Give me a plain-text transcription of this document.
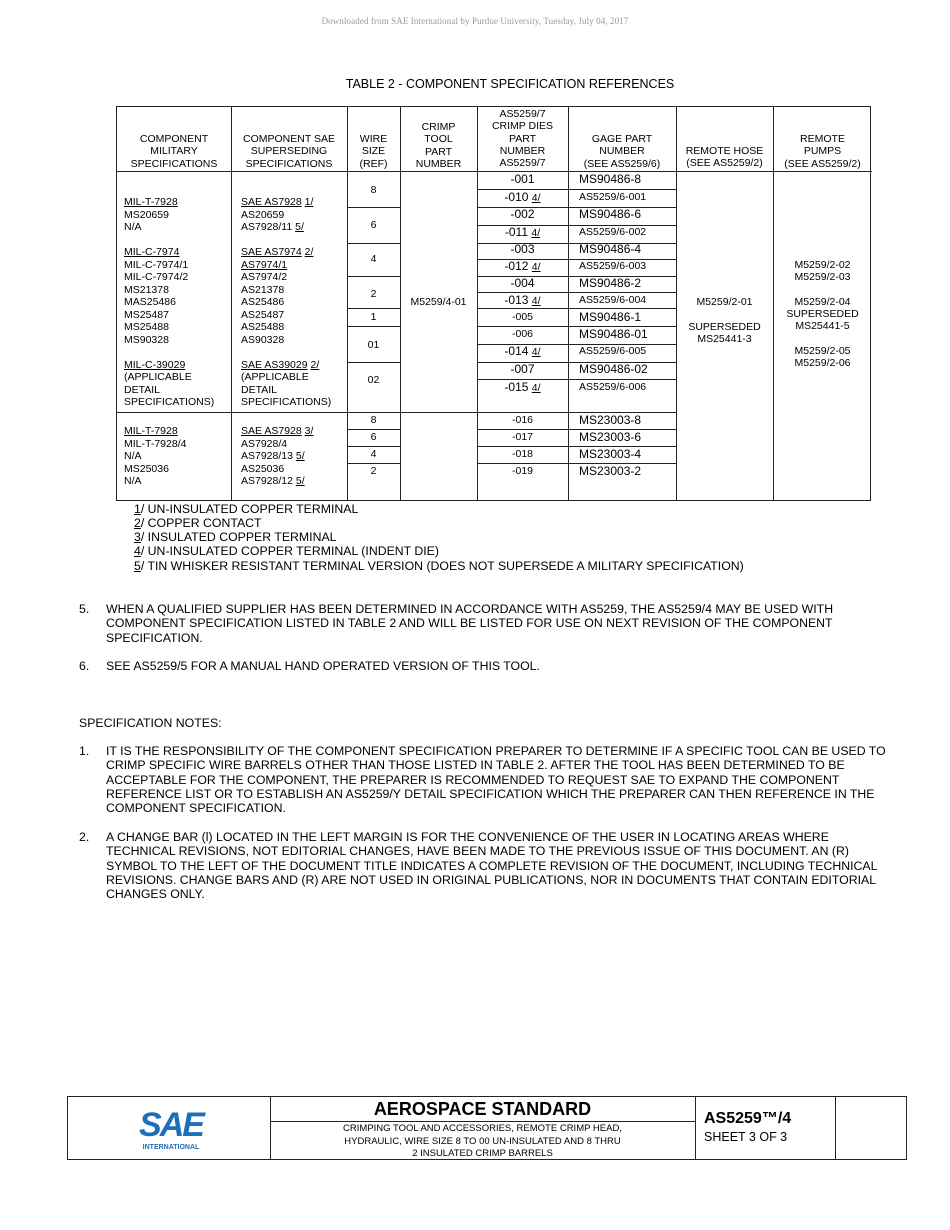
Downloaded from SAE International by Purdue University, Tuesday, July 04, 2017
TABLE 2 - COMPONENT SPECIFICATION REFERENCES
COMPONENT
MILITARY
SPECIFICATIONS
COMPONENT SAE
SUPERSEDING
SPECIFICATIONS
WIRE
SIZE
(REF)
CRIMP
TOOL
PART
NUMBER
AS5259/7
CRIMP DIES
PART
NUMBER
AS5259/7
GAGE PART
NUMBER
(SEE AS5259/6)
REMOTE HOSE
(SEE AS5259/2)
REMOTE
PUMPS
(SEE AS5259/2)
MIL-T-7928
MS20659
N/A
MIL-C-7974
MIL-C-7974/1
MIL-C-7974/2
MS21378
MAS25486
MS25487
MS25488
MS90328
MIL-C-39029
(APPLICABLE
DETAIL
SPECIFICATIONS)
SAE AS7928 1/
AS20659
AS7928/11 5/
SAE AS7974 2/
AS7974/1
AS7974/2
AS21378
AS25486
AS25487
AS25488
AS90328
SAE AS39029 2/
(APPLICABLE
DETAIL
SPECIFICATIONS)
MIL-T-7928
MIL-T-7928/4
N/A
MS25036
N/A
SAE AS7928 3/
AS7928/4
AS7928/13 5/
AS25036
AS7928/12 5/
8
6
4
2
1
01
02
8
6
4
2
M5259/4-01
-001
-010 4/
-002
-011 4/
-003
-012 4/
-004
-013 4/
-005
-006
-014 4/
-007
-015 4/
MS90486-8
AS5259/6-001
MS90486-6
AS5259/6-002
MS90486-4
AS5259/6-003
MS90486-2
AS5259/6-004
MS90486-1
MS90486-01
AS5259/6-005
MS90486-02
AS5259/6-006
-016
-017
-018
-019
MS23003-8
MS23003-6
MS23003-4
MS23003-2
M5259/2-01
SUPERSEDED
MS25441-3
M5259/2-02
M5259/2-03
M5259/2-04
SUPERSEDED
MS25441-5
M5259/2-05
M5259/2-06
1/ UN-INSULATED COPPER TERMINAL
2/ COPPER CONTACT
3/ INSULATED COPPER TERMINAL
4/ UN-INSULATED COPPER TERMINAL (INDENT DIE)
5/ TIN WHISKER RESISTANT TERMINAL VERSION (DOES NOT SUPERSEDE A MILITARY SPECIFICATION)
5. WHEN A QUALIFIED SUPPLIER HAS BEEN DETERMINED IN ACCORDANCE WITH AS5259, THE AS5259/4 MAY BE USED WITH COMPONENT SPECIFICATION LISTED IN TABLE 2 AND WILL BE LISTED FOR USE ON NEXT REVISION OF THE COMPONENT SPECIFICATION.
6. SEE AS5259/5 FOR A MANUAL HAND OPERATED VERSION OF THIS TOOL.
SPECIFICATION NOTES:
1. IT IS THE RESPONSIBILITY OF THE COMPONENT SPECIFICATION PREPARER TO DETERMINE IF A SPECIFIC TOOL CAN BE USED TO CRIMP SPECIFIC WIRE BARRELS OTHER THAN THOSE LISTED IN TABLE 2. AFTER THE TOOL HAS BEEN DETERMINED TO BE ACCEPTABLE FOR THE COMPONENT, THE PREPARER IS RECOMMENDED TO REQUEST SAE TO EXPAND THE COMPONENT REFERENCE LIST OR TO ESTABLISH AN AS5259/Y DETAIL SPECIFICATION WHICH THE PREPARER CAN THEN REFERENCE IN THE COMPONENT SPECIFICATION.
2. A CHANGE BAR (l) LOCATED IN THE LEFT MARGIN IS FOR THE CONVENIENCE OF THE USER IN LOCATING AREAS WHERE TECHNICAL REVISIONS, NOT EDITORIAL CHANGES, HAVE BEEN MADE TO THE PREVIOUS ISSUE OF THIS DOCUMENT. AN (R) SYMBOL TO THE LEFT OF THE DOCUMENT TITLE INDICATES A COMPLETE REVISION OF THE DOCUMENT, INCLUDING TECHNICAL REVISIONS. CHANGE BARS AND (R) ARE NOT USED IN ORIGINAL PUBLICATIONS, NOR IN DOCUMENTS THAT CONTAIN EDITORIAL CHANGES ONLY.
SAE
INTERNATIONAL
AEROSPACE STANDARD
CRIMPING TOOL AND ACCESSORIES, REMOTE CRIMP HEAD,
HYDRAULIC, WIRE SIZE 8 TO 00 UN-INSULATED AND 8 THRU
2 INSULATED CRIMP BARRELS
AS5259™/4
SHEET 3 OF 3
